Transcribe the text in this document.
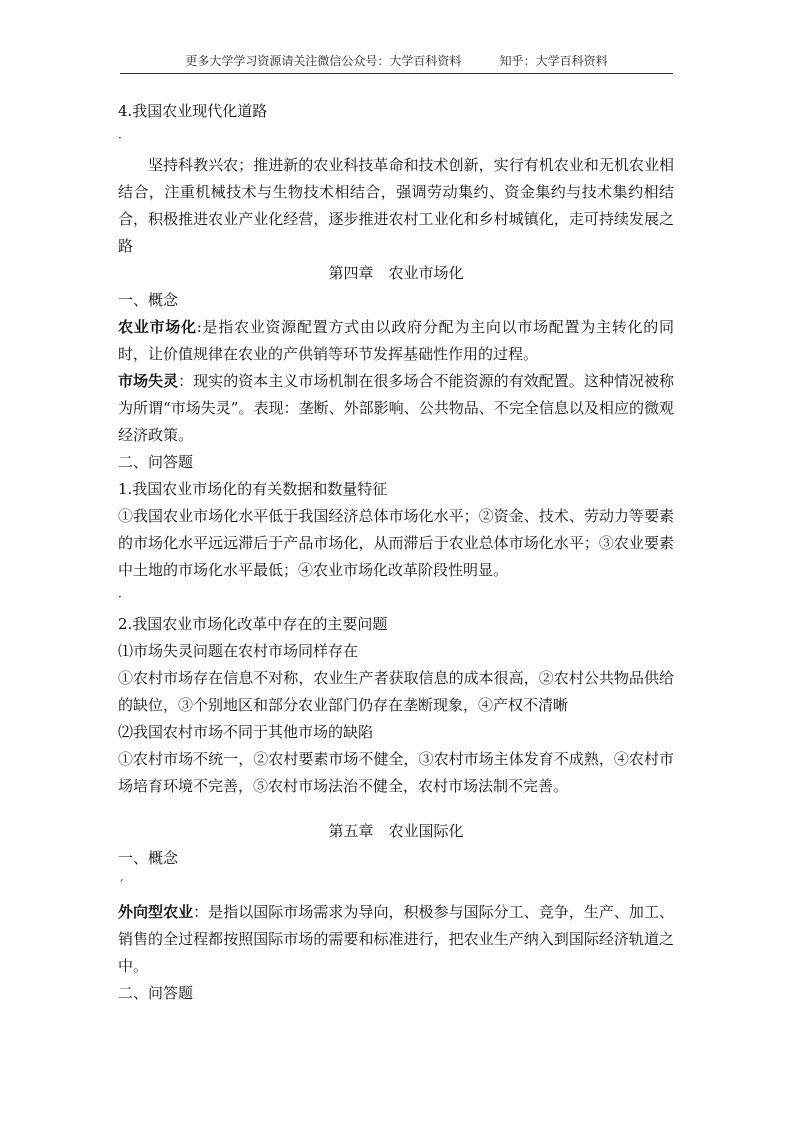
更多大学学习资源请关注微信公众号：大学百科资料	知乎：大学百科资料

4.我国农业现代化道路

·

坚持科教兴农；推进新的农业科技革命和技术创新，实行有机农业和无机农业相结合，注重机械技术与生物技术相结合，强调劳动集约、资金集约与技术集约相结合，积极推进农业产业化经营，逐步推进农村工业化和乡村城镇化，走可持续发展之路

第四章　农业市场化

一、概念

农业市场化:是指农业资源配置方式由以政府分配为主向以市场配置为主转化的同时，让价值规律在农业的产供销等环节发挥基础性作用的过程。

市场失灵：现实的资本主义市场机制在很多场合不能资源的有效配置。这种情况被称为所谓“市场失灵”。表现：垄断、外部影响、公共物品、不完全信息以及相应的微观经济政策。

二、问答题

1.我国农业市场化的有关数据和数量特征

①我国农业市场化水平低于我国经济总体市场化水平；②资金、技术、劳动力等要素的市场化水平远远滞后于产品市场化，从而滞后于农业总体市场化水平；③农业要素中土地的市场化水平最低；④农业市场化改革阶段性明显。

·

2.我国农业市场化改革中存在的主要问题

⑴市场失灵问题在农村市场同样存在

①农村市场存在信息不对称，农业生产者获取信息的成本很高，②农村公共物品供给的缺位，③个别地区和部分农业部门仍存在垄断现象，④产权不清晰

⑵我国农村市场不同于其他市场的缺陷

①农村市场不统一，②农村要素市场不健全，③农村市场主体发育不成熟，④农村市场培育环境不完善，⑤农村市场法治不健全，农村市场法制不完善。

第五章　农业国际化

一、概念

ˊ

外向型农业：是指以国际市场需求为导向，积极参与国际分工、竞争，生产、加工、销售的全过程都按照国际市场的需要和标准进行，把农业生产纳入到国际经济轨道之中。

二、问答题
